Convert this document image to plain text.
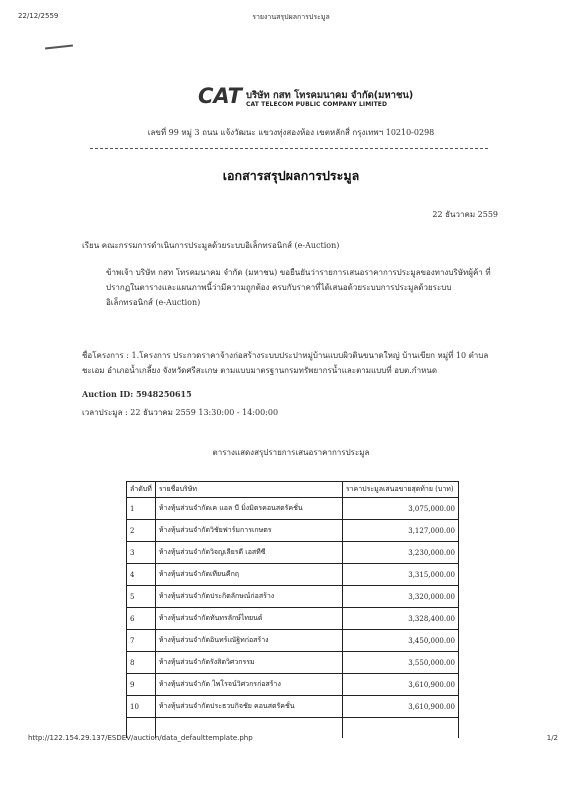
22/12/2559	รายงานสรุปผลการประมูล
CAT บริษัท กสท โทรคมนาคม จำกัด(มหาชน)
CAT TELECOM PUBLIC COMPANY LIMITED
เลขที่ 99 หมู่ 3 ถนน แจ้งวัฒนะ แขวงทุ่งสองห้อง เขตหลักสี่ กรุงเทพฯ 10210-0298
เอกสารสรุปผลการประมูล
22 ธันวาคม 2559
เรียน คณะกรรมการดำเนินการประมูลด้วยระบบอิเล็กทรอนิกส์ (e-Auction)
ข้าพเจ้า บริษัท กสท โทรคมนาคม จำกัด (มหาชน) ขอยืนยันว่ารายการเสนอราคาการประมูลของทางบริษัทผู้ค้า ที่ปรากฏในตารางและแผนภาพนี้ว่ามีความถูกต้อง ครบกับราคาที่ได้เสนอด้วยระบบการประมูลด้วยระบบอิเล็กทรอนิกส์ (e-Auction)
ชื่อโครงการ : 1.โครงการ ประกวดราคาจ้างก่อสร้างระบบประปาหมู่บ้านแบบผิวดินขนาดใหญ่ บ้านเขียก หมู่ที่ 10 ตำบลชะเอม อำเภอน้ำเกลี้ยง จังหวัดศรีสะเกษ ตามแบบมาตรฐานกรมทรัพยากรน้ำและตามแบบที่ อบต.กำหนด
Auction ID: 5948250615
เวลาประมูล : 22 ธันวาคม 2559 13:30:00 - 14:00:00
ตารางแสดงสรุปรายการเสนอราคาการประมูล
ลำดับที่	รายชื่อบริษัท	ราคาประมูลเสนอขายสุดท้าย (บาท)
1	ห้างหุ้นส่วนจำกัดเค แอล บี มิ่งมิตรคอนสตรัคชั่น	3,075,000.00
2	ห้างหุ้นส่วนจำกัดวิชัยฟาร์มการเกษตร	3,127,000.00
3	ห้างหุ้นส่วนจำกัดวิจญเลียรดี เอสทีซี	3,230,000.00
4	ห้างหุ้นส่วนจำกัดเทียนคีกฤ	3,315,000.00
5	ห้างหุ้นส่วนจำกัดประกิตลักษณ์ก่อสร้าง	3,320,000.00
6	ห้างหุ้นส่วนจำกัดทันทรลักษ์ไทยนต์	3,328,400.00
7	ห้างหุ้นส่วนจำกัดอินทร์เณัฐิทก่อสร้าง	3,450,000.00
8	ห้างหุ้นส่วนจำกัดรังสิตวิศวกรรม	3,550,000.00
9	ห้างหุ้นส่วนจำกัด ไพโรจน์วิศวกรก่อสร้าง	3,610,900.00
10	ห้างหุ้นส่วนจำกัดประธวบกิจชัย คอนสตรัคชั่น	3,610,900.00

http://122.154.29.137/ESDEV/auction/data_defaulttemplate.php	1/2
